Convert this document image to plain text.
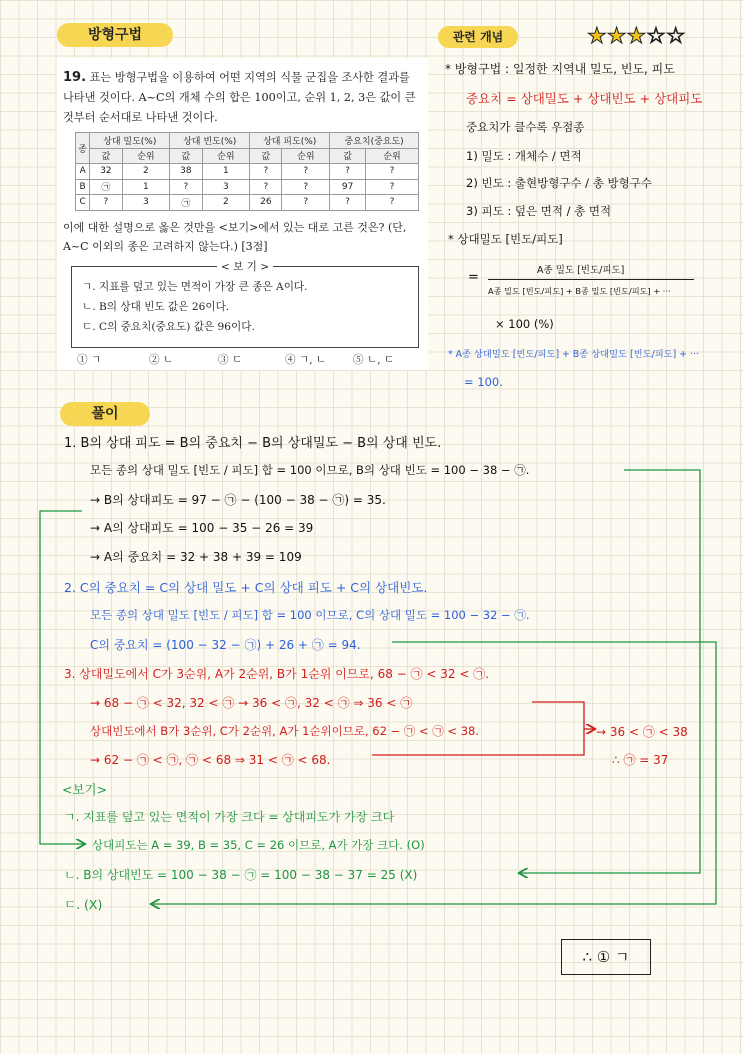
방형구법	관련 개념
풀이
★★★☆☆

19. 표는 방형구법을 이용하여 어떤 지역의 식물 군집을 조사한 결과를 나타낸 것이다. A~C의 개체 수의 합은 100이고, 순위 1, 2, 3은 값이 큰 것부터 순서대로 나타낸 것이다.

종	상대 밀도(%)		상대 빈도(%)		상대 피도(%)		중요치(중요도)	
	값	순위	값	순위	값	순위	값	순위
A	32	2	38	1	?	?	?	?
B	㉠	1	?	3	?	?	97	?
C	?	3	㉠	2	26	?	?	?

이에 대한 설명으로 옳은 것만을 <보기>에서 있는 대로 고른 것은? (단, A~C 이외의 종은 고려하지 않는다.) [3점]

< 보 기 >
ㄱ. 지표를 덮고 있는 면적이 가장 큰 종은 A이다.
ㄴ. B의 상대 빈도 값은 26이다.
ㄷ. C의 중요치(중요도) 값은 96이다.
① ㄱ	② ㄴ	③ ㄷ	④ ㄱ, ㄴ	⑤ ㄴ, ㄷ
* 방형구법 : 일정한 지역내 밀도, 빈도, 피도
중요치 = 상대밀도 + 상대빈도 + 상대피도
중요치가 클수록 우점종
1) 밀도 : 개체수 / 면적
2) 빈도 : 출현방형구수 / 총 방형구수
3) 피도 : 덮은 면적 / 총 면적
* 상대밀도 [빈도/피도]
A종 밀도 [빈도/피도]
=
A종 밀도 [빈도/피도] + B종 밀도 [빈도/피도] + ···
× 100 (%)
* A종 상대밀도 [빈도/피도] + B종 상대밀도 [빈도/피도] + ···
= 100.
1. B의 상대 피도 = B의 중요치 − B의 상대밀도 − B의 상대 빈도.
모든 종의 상대 밀도 [빈도 / 피도] 합 = 100 이므로, B의 상대 빈도 = 100 − 38 − ㉠.
→ B의 상대피도 = 97 − ㉠ − (100 − 38 − ㉠) = 35.
→ A의 상대피도 = 100 − 35 − 26 = 39
→ A의 중요치 = 32 + 38 + 39 = 109
2. C의 중요치 = C의 상대 밀도 + C의 상대 피도 + C의 상대빈도.
모든 종의 상대 밀도 [빈도 / 피도] 합 = 100 이므로, C의 상대 밀도 = 100 − 32 − ㉠.
C의 중요치 = (100 − 32 − ㉠) + 26 + ㉠ = 94.
3. 상대밀도에서 C가 3순위, A가 2순위, B가 1순위 이므로, 68 − ㉠ < 32 < ㉠.
→ 68 − ㉠ < 32, 32 < ㉠ → 36 < ㉠, 32 < ㉠ ⇒ 36 < ㉠
상대빈도에서 B가 3순위, C가 2순위, A가 1순위이므로, 62 − ㉠ < ㉠ < 38.
→ 62 − ㉠ < ㉠, ㉠ < 68 ⇒ 31 < ㉠ < 68.
→ 36 < ㉠ < 38
∴ ㉠ = 37
<보기>
ㄱ. 지표를 덮고 있는 면적이 가장 크다 = 상대피도가 가장 크다
상대피도는 A = 39, B = 35, C = 26 이므로, A가 가장 크다. (O)
ㄴ. B의 상대빈도 = 100 − 38 − ㉠ = 100 − 38 − 37 = 25 (X)
ㄷ. (X)
∴ ① ㄱ
